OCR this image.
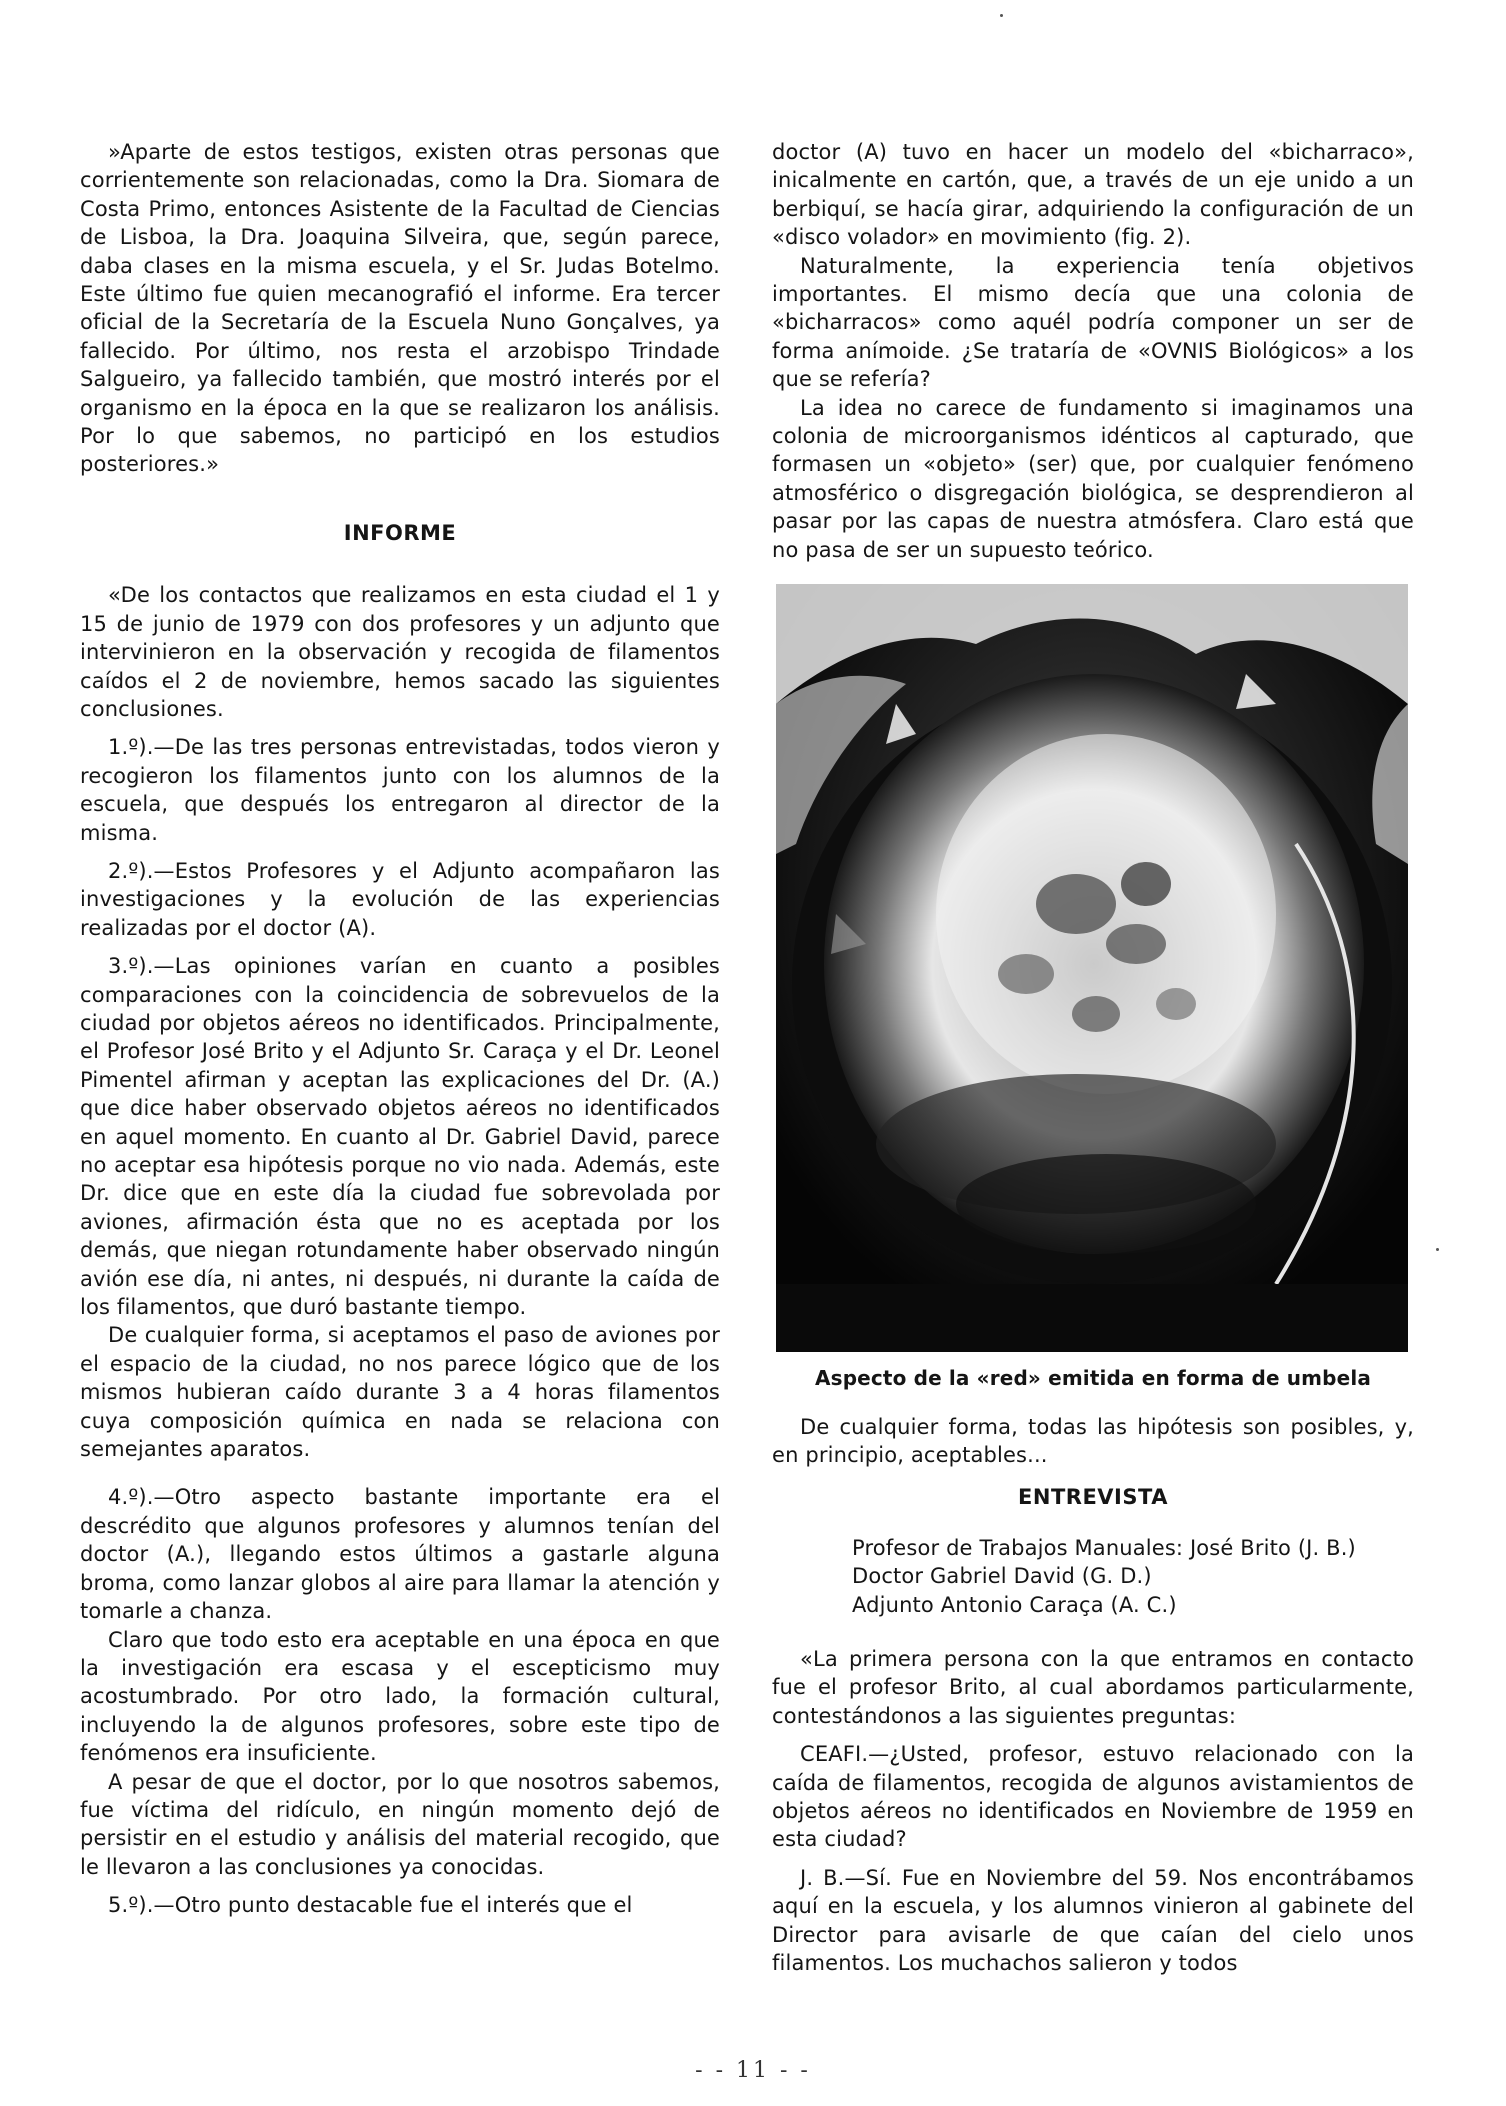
»Aparte de estos testigos, existen otras personas que corrientemente son relacionadas, como la Dra. Siomara de Costa Primo, entonces Asistente de la Facultad de Ciencias de Lisboa, la Dra. Joaquina Silveira, que, según parece, daba clases en la misma escuela, y el Sr. Judas Botelmo. Este último fue quien mecanografió el informe. Era tercer oficial de la Secretaría de la Escuela Nuno Gonçalves, ya fallecido. Por último, nos resta el arzobispo Trindade Salgueiro, ya fallecido también, que mostró interés por el organismo en la época en la que se realizaron los análisis. Por lo que sabemos, no participó en los estudios posteriores.»

INFORME

«De los contactos que realizamos en esta ciudad el 1 y 15 de junio de 1979 con dos profesores y un adjunto que intervinieron en la observación y recogida de filamentos caídos el 2 de noviembre, hemos sacado las siguientes conclusiones.

1.º).—De las tres personas entrevistadas, todos vieron y recogieron los filamentos junto con los alumnos de la escuela, que después los entregaron al director de la misma.

2.º).—Estos Profesores y el Adjunto acompañaron las investigaciones y la evolución de las experiencias realizadas por el doctor (A).

3.º).—Las opiniones varían en cuanto a posibles comparaciones con la coincidencia de sobrevuelos de la ciudad por objetos aéreos no identificados. Principalmente, el Profesor José Brito y el Adjunto Sr. Caraça y el Dr. Leonel Pimentel afirman y aceptan las explicaciones del Dr. (A.) que dice haber observado objetos aéreos no identificados en aquel momento. En cuanto al Dr. Gabriel David, parece no aceptar esa hipótesis porque no vio nada. Además, este Dr. dice que en este día la ciudad fue sobrevolada por aviones, afirmación ésta que no es aceptada por los demás, que niegan rotundamente haber observado ningún avión ese día, ni antes, ni después, ni durante la caída de los filamentos, que duró bastante tiempo.

De cualquier forma, si aceptamos el paso de aviones por el espacio de la ciudad, no nos parece lógico que de los mismos hubieran caído durante 3 a 4 horas filamentos cuya composición química en nada se relaciona con semejantes aparatos.

4.º).—Otro aspecto bastante importante era el descrédito que algunos profesores y alumnos tenían del doctor (A.), llegando estos últimos a gastarle alguna broma, como lanzar globos al aire para llamar la atención y tomarle a chanza.

Claro que todo esto era aceptable en una época en que la investigación era escasa y el escepticismo muy acostumbrado. Por otro lado, la formación cultural, incluyendo la de algunos profesores, sobre este tipo de fenómenos era insuficiente.

A pesar de que el doctor, por lo que nosotros sabemos, fue víctima del ridículo, en ningún momento dejó de persistir en el estudio y análisis del material recogido, que le llevaron a las conclusiones ya conocidas.

5.º).—Otro punto destacable fue el interés que el

doctor (A) tuvo en hacer un modelo del «bicharraco», inicalmente en cartón, que, a través de un eje unido a un berbiquí, se hacía girar, adquiriendo la configuración de un «disco volador» en movimiento (fig. 2).

Naturalmente, la experiencia tenía objetivos importantes. El mismo decía que una colonia de «bicharracos» como aquél podría componer un ser de forma anímoide. ¿Se trataría de «OVNIS Biológicos» a los que se refería?

La idea no carece de fundamento si imaginamos una colonia de microorganismos idénticos al capturado, que formasen un «objeto» (ser) que, por cualquier fenómeno atmosférico o disgregación biológica, se desprendieron al pasar por las capas de nuestra atmósfera. Claro está que no pasa de ser un supuesto teórico.

Aspecto de la «red» emitida en forma de umbela

De cualquier forma, todas las hipótesis son posibles, y, en principio, aceptables...

ENTREVISTA

Profesor de Trabajos Manuales: José Brito (J. B.)
Doctor Gabriel David (G. D.)
Adjunto Antonio Caraça (A. C.)

«La primera persona con la que entramos en contacto fue el profesor Brito, al cual abordamos particularmente, contestándonos a las siguientes preguntas:

CEAFI.—¿Usted, profesor, estuvo relacionado con la caída de filamentos, recogida de algunos avistamientos de objetos aéreos no identificados en Noviembre de 1959 en esta ciudad?

J. B.—Sí. Fue en Noviembre del 59. Nos encontrábamos aquí en la escuela, y los alumnos vinieron al gabinete del Director para avisarle de que caían del cielo unos filamentos. Los muchachos salieron y todos

- - 11 - -
